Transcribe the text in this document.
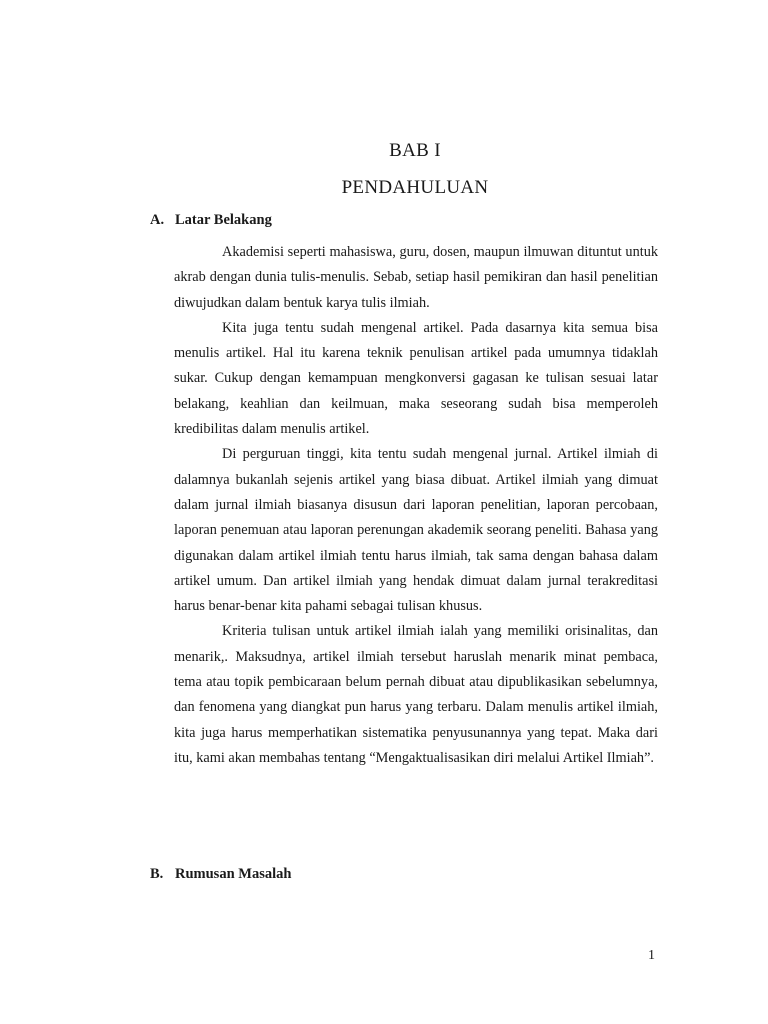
BAB I
PENDAHULUAN
A. Latar Belakang

Akademisi seperti mahasiswa, guru, dosen, maupun ilmuwan dituntut untuk akrab dengan dunia tulis-menulis. Sebab, setiap hasil pemikiran dan hasil penelitian diwujudkan dalam bentuk karya tulis ilmiah.

Kita juga tentu sudah mengenal artikel. Pada dasarnya kita semua bisa menulis artikel. Hal itu karena teknik penulisan artikel pada umumnya tidaklah sukar. Cukup dengan kemampuan mengkonversi gagasan ke tulisan sesuai latar belakang, keahlian dan keilmuan, maka seseorang sudah bisa memperoleh kredibilitas dalam menulis artikel.

Di perguruan tinggi, kita tentu sudah mengenal jurnal. Artikel ilmiah di dalamnya bukanlah sejenis artikel yang biasa dibuat. Artikel ilmiah yang dimuat dalam jurnal ilmiah biasanya disusun dari laporan penelitian, laporan percobaan, laporan penemuan atau laporan perenungan akademik seorang peneliti. Bahasa yang digunakan dalam artikel ilmiah tentu harus ilmiah, tak sama dengan bahasa dalam artikel umum. Dan artikel ilmiah yang hendak dimuat dalam jurnal terakreditasi harus benar-benar kita pahami sebagai tulisan khusus.

Kriteria tulisan untuk artikel ilmiah ialah yang memiliki orisinalitas, dan menarik,. Maksudnya, artikel ilmiah tersebut haruslah menarik minat pembaca, tema atau topik pembicaraan belum pernah dibuat atau dipublikasikan sebelumnya, dan fenomena yang diangkat pun harus yang terbaru. Dalam menulis artikel ilmiah, kita juga harus memperhatikan sistematika penyusunannya yang tepat. Maka dari itu, kami akan membahas tentang “Mengaktualisasikan diri melalui Artikel Ilmiah”.

B. Rumusan Masalah
1
